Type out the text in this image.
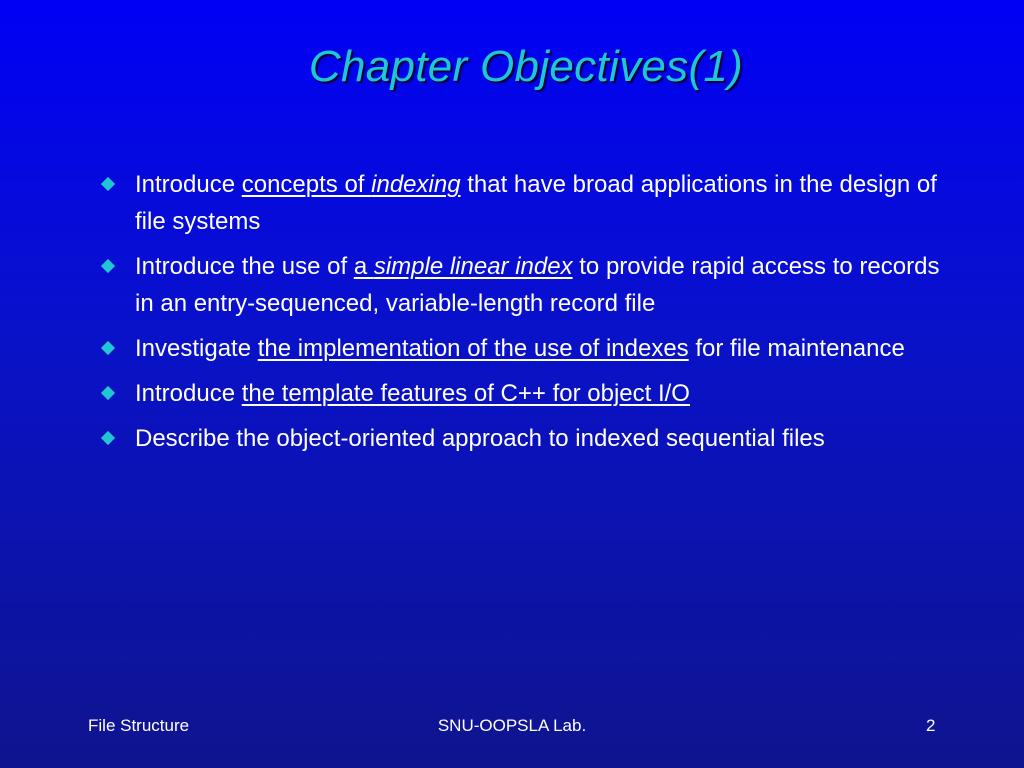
Chapter Objectives(1)
Introduce concepts of indexing that have broad applications in the design of file systems
Introduce the use of a simple linear index to provide rapid access to records in an entry-sequenced, variable-length record file
Investigate the implementation of the use of indexes for file maintenance
Introduce the template features of C++ for object I/O
Describe the object-oriented approach to indexed sequential files
File Structure	SNU-OOPSLA Lab.	2
